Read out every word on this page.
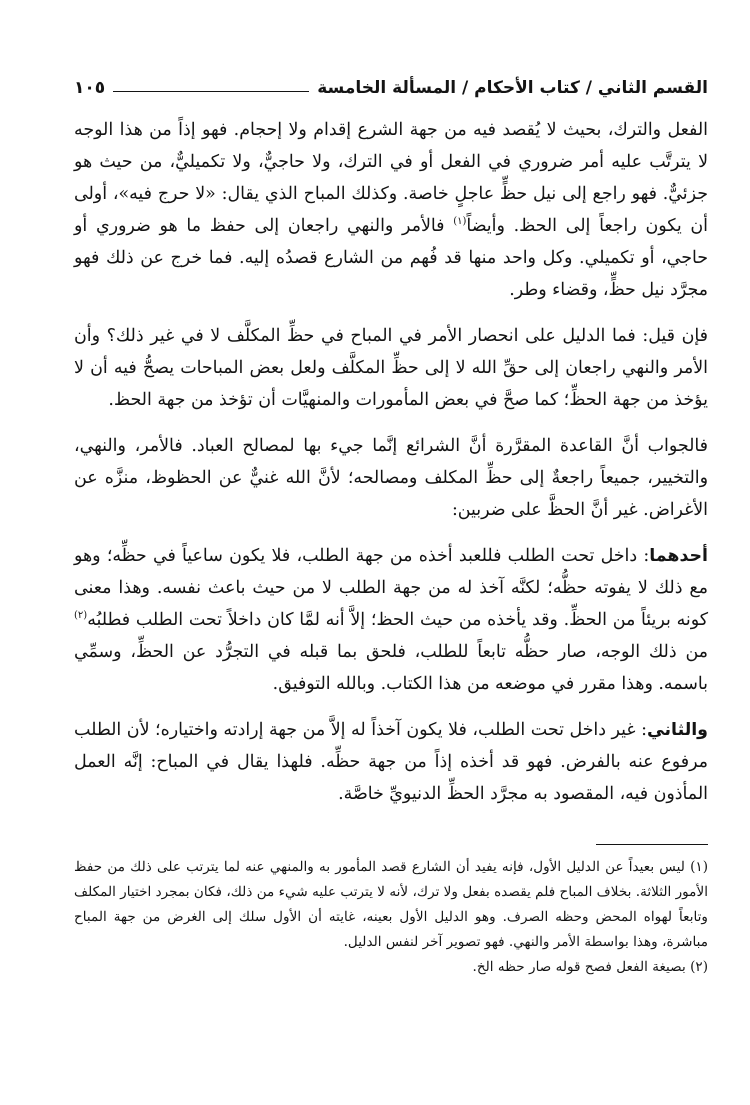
القسم الثاني / كتاب الأحكام / المسألة الخامسة
١٠٥

الفعل والترك، بحيث لا يُقصد فيه من جهة الشرع إقدام ولا إحجام. فهو إذاً من هذا الوجه لا يترتَّب عليه أمر ضروري في الفعل أو في الترك، ولا حاجيٌّ، ولا تكميليٌّ، من حيث هو جزئيٌّ. فهو راجع إلى نيل حظٍّ عاجلٍ خاصة. وكذلك المباح الذي يقال: «لا حرج فيه»، أولى أن يكون راجعاً إلى الحظ. وأيضاً$^{(١)}$ فالأمر والنهي راجعان إلى حفظ ما هو ضروري أو حاجي، أو تكميلي. وكل واحد منها قد فُهم من الشارع قصدُه إليه. فما خرج عن ذلك فهو مجرَّد نيل حظٍّ، وقضاء وطر.

فإن قيل: فما الدليل على انحصار الأمر في المباح في حظِّ المكلَّف لا في غير ذلك؟ وأن الأمر والنهي راجعان إلى حقِّ الله لا إلى حظِّ المكلَّف ولعل بعض المباحات يصحُّ فيه أن لا يؤخذ من جهة الحظِّ؛ كما صحَّ في بعض المأمورات والمنهيَّات أن تؤخذ من جهة الحظ.

فالجواب أنَّ القاعدة المقرَّرة أنَّ الشرائع إنَّما جيء بها لمصالح العباد. فالأمر، والنهي، والتخيير، جميعاً راجعةٌ إلى حظِّ المكلف ومصالحه؛ لأنَّ الله غنيٌّ عن الحظوظ، منزَّه عن الأغراض. غير أنَّ الحظَّ على ضربين:

أحدهما: داخل تحت الطلب فللعبد أخذه من جهة الطلب، فلا يكون ساعياً في حظِّه؛ وهو مع ذلك لا يفوته حظُّه؛ لكنَّه آخذ له من جهة الطلب لا من حيث باعث نفسه. وهذا معنى كونه بريئاً من الحظِّ. وقد يأخذه من حيث الحظ؛ إلاَّ أنه لمَّا كان داخلاً تحت الطلب فطلبُه$^{(٢)}$ من ذلك الوجه، صار حظُّه تابعاً للطلب، فلحق بما قبله في التجرُّد عن الحظِّ، وسمِّي باسمه. وهذا مقرر في موضعه من هذا الكتاب. وبالله التوفيق.

والثاني: غير داخل تحت الطلب، فلا يكون آخذاً له إلاَّ من جهة إرادته واختياره؛ لأن الطلب مرفوع عنه بالفرض. فهو قد أخذه إذاً من جهة حظِّه. فلهذا يقال في المباح: إنَّه العمل المأذون فيه، المقصود به مجرَّد الحظِّ الدنيويِّ خاصَّة.

(١) ليس بعيداً عن الدليل الأول، فإنه يفيد أن الشارع قصد المأمور به والمنهي عنه لما يترتب على ذلك من حفظ الأمور الثلاثة. بخلاف المباح فلم يقصده بفعل ولا ترك، لأنه لا يترتب عليه شيء من ذلك، فكان بمجرد اختيار المكلف وتابعاً لهواه المحض وحظه الصرف. وهو الدليل الأول بعينه، غايته أن الأول سلك إلى الغرض من جهة المباح مباشرة، وهذا بواسطة الأمر والنهي. فهو تصوير آخر لنفس الدليل.

(٢) بصيغة الفعل فصح قوله صار حظه الخ.
